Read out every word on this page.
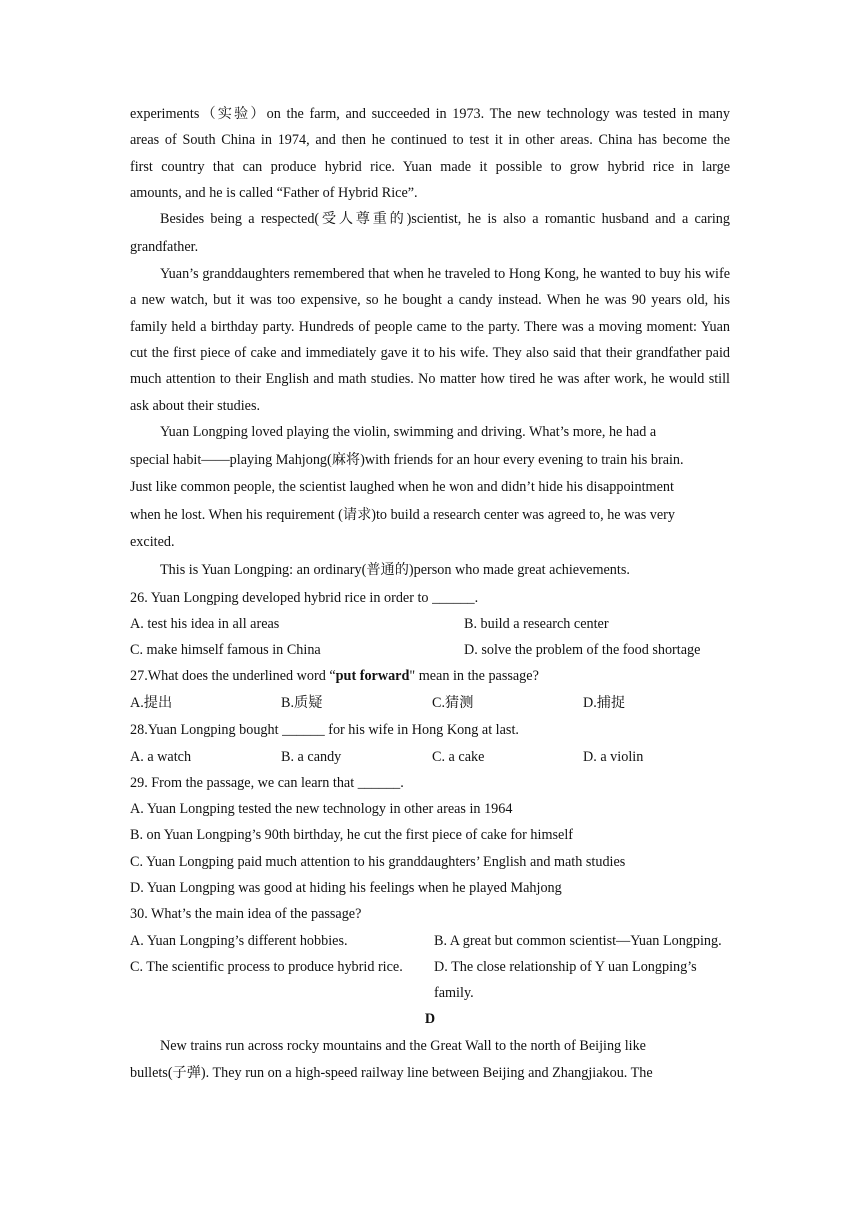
experiments（实验）on the farm, and succeeded in 1973. The new technology was tested in many

areas of South China in 1974, and then he continued to test it in other areas. China has become the

first country that can produce hybrid rice. Yuan made it possible to grow hybrid rice in large

amounts, and he is called “Father of Hybrid Rice”.

Besides being a respected(受人尊重的)scientist, he is also a romantic husband and a caring grandfather.

Yuan’s granddaughters remembered that when he traveled to Hong Kong, he wanted to buy his wife a new watch, but it was too expensive, so he bought a candy instead. When he was 90 years old, his family held a birthday party. Hundreds of people came to the party. There was a moving moment: Yuan cut the first piece of cake and immediately gave it to his wife. They also said that their grandfather paid much attention to their English and math studies. No matter how tired he was after work, he would still ask about their studies.

Yuan Longping loved playing the violin, swimming and driving. What’s more, he had a

special habit——playing Mahjong(麻将)with friends for an hour every evening to train his brain.

Just like common people, the scientist laughed when he won and didn’t hide his disappointment

when he lost. When his requirement (请求)to build a research center was agreed to, he was very

excited.

This is Yuan Longping: an ordinary(普通的)person who made great achievements.

26. Yuan Longping developed hybrid rice in order to ______.

A. test his idea in all areas	B. build a research center
C. make himself famous in China	D. solve the problem of the food shortage

27.What does the underlined word “put forward" mean in the passage?

A.提出	B.质疑	C.猜测	D.捕捉

28.Yuan Longping bought ______ for his wife in Hong Kong at last.

A. a watch	B. a candy	C. a cake	D. a violin

29. From the passage, we can learn that ______.

A. Yuan Longping tested the new technology in other areas in 1964

B. on Yuan Longping’s 90th birthday, he cut the first piece of cake for himself

C. Yuan Longping paid much attention to his granddaughters’ English and math studies

D. Yuan Longping was good at hiding his feelings when he played Mahjong

30. What’s the main idea of the passage?

A. Yuan Longping’s different hobbies.	B. A great but common scientist—Yuan Longping.
C. The scientific process to produce hybrid rice.	D. The close relationship of Y uan Longping’s family.

D

New trains run across rocky mountains and the Great Wall to the north of Beijing like

bullets(子弹). They run on a high-speed railway line between Beijing and Zhangjiakou. The
